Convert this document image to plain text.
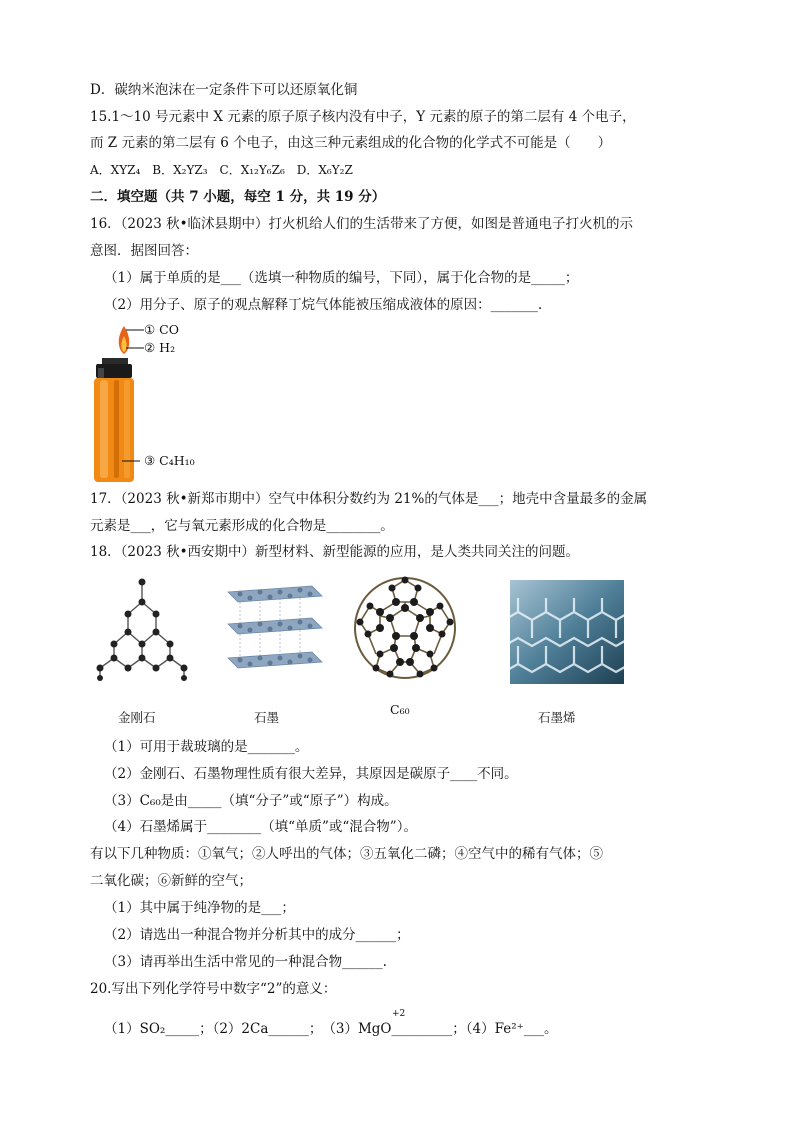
D．碳纳米泡沫在一定条件下可以还原氧化铜
15.1～10 号元素中 X 元素的原子原子核内没有中子，Y 元素的原子的第二层有 4 个电子，
而 Z 元素的第二层有 6 个电子，由这三种元素组成的化合物的化学式不可能是（　　）
A．XYZ₄　B．X₂YZ₃　C．X₁₂Y₆Z₆　D．X₆Y₂Z
二．填空题（共 7 小题，每空 1 分，共 19 分）
16．（2023 秋•临沭县期中）打火机给人们的生活带来了方便，如图是普通电子打火机的示
意图．据图回答：
（1）属于单质的是___（选填一种物质的编号，下同），属于化合物的是_____；
（2）用分子、原子的观点解释丁烷气体能被压缩成液体的原因：_______.
① CO
② H₂
③ C₄H₁₀
17．（2023 秋•新郑市期中）空气中体积分数约为 21%的气体是___；地壳中含量最多的金属
元素是___，它与氧元素形成的化合物是________。
18．（2023 秋•西安期中）新型材料、新型能源的应用，是人类共同关注的问题。
金刚石	石墨
C₆₀
石墨烯
（1）可用于裁玻璃的是_______。
（2）金刚石、石墨物理性质有很大差异，其原因是碳原子____不同。
（3）C₆₀是由_____（填“分子”或“原子”）构成。
（4）石墨烯属于________（填“单质”或“混合物”）。
有以下几种物质：①氧气；②人呼出的气体；③五氧化二磷；④空气中的稀有气体；⑤
二氧化碳；⑥新鲜的空气；
（1）其中属于纯净物的是___；
（2）请选出一种混合物并分析其中的成分______；
（3）请再举出生活中常见的一种混合物______.
20.写出下列化学符号中数字“2”的意义：
+2
（1）SO₂_____；（2）2Ca______；　（3）MgO_________；（4）Fe²⁺___。
